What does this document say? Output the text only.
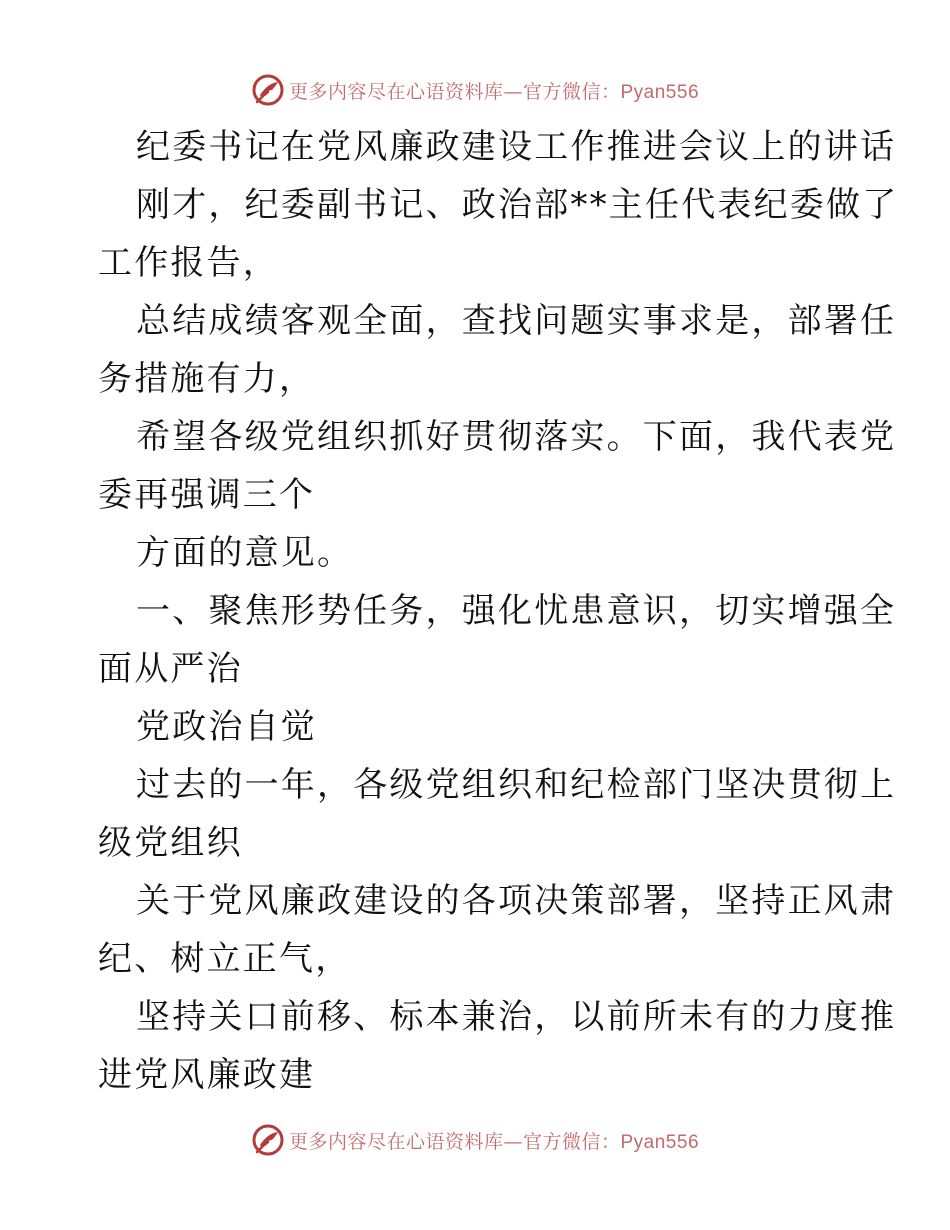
更多内容尽在心语资料库—官方微信：Pyan556
纪委书记在党风廉政建设工作推进会议上的讲话
刚才，纪委副书记、政治部**主任代表纪委做了
工作报告，
总结成绩客观全面，查找问题实事求是，部署任
务措施有力，
希望各级党组织抓好贯彻落实。下面，我代表党
委再强调三个
方面的意见。
一、聚焦形势任务，强化忧患意识，切实增强全
面从严治
党政治自觉
过去的一年，各级党组织和纪检部门坚决贯彻上
级党组织
关于党风廉政建设的各项决策部署，坚持正风肃
纪、树立正气，
坚持关口前移、标本兼治，以前所未有的力度推
进党风廉政建
更多内容尽在心语资料库—官方微信：Pyan556
